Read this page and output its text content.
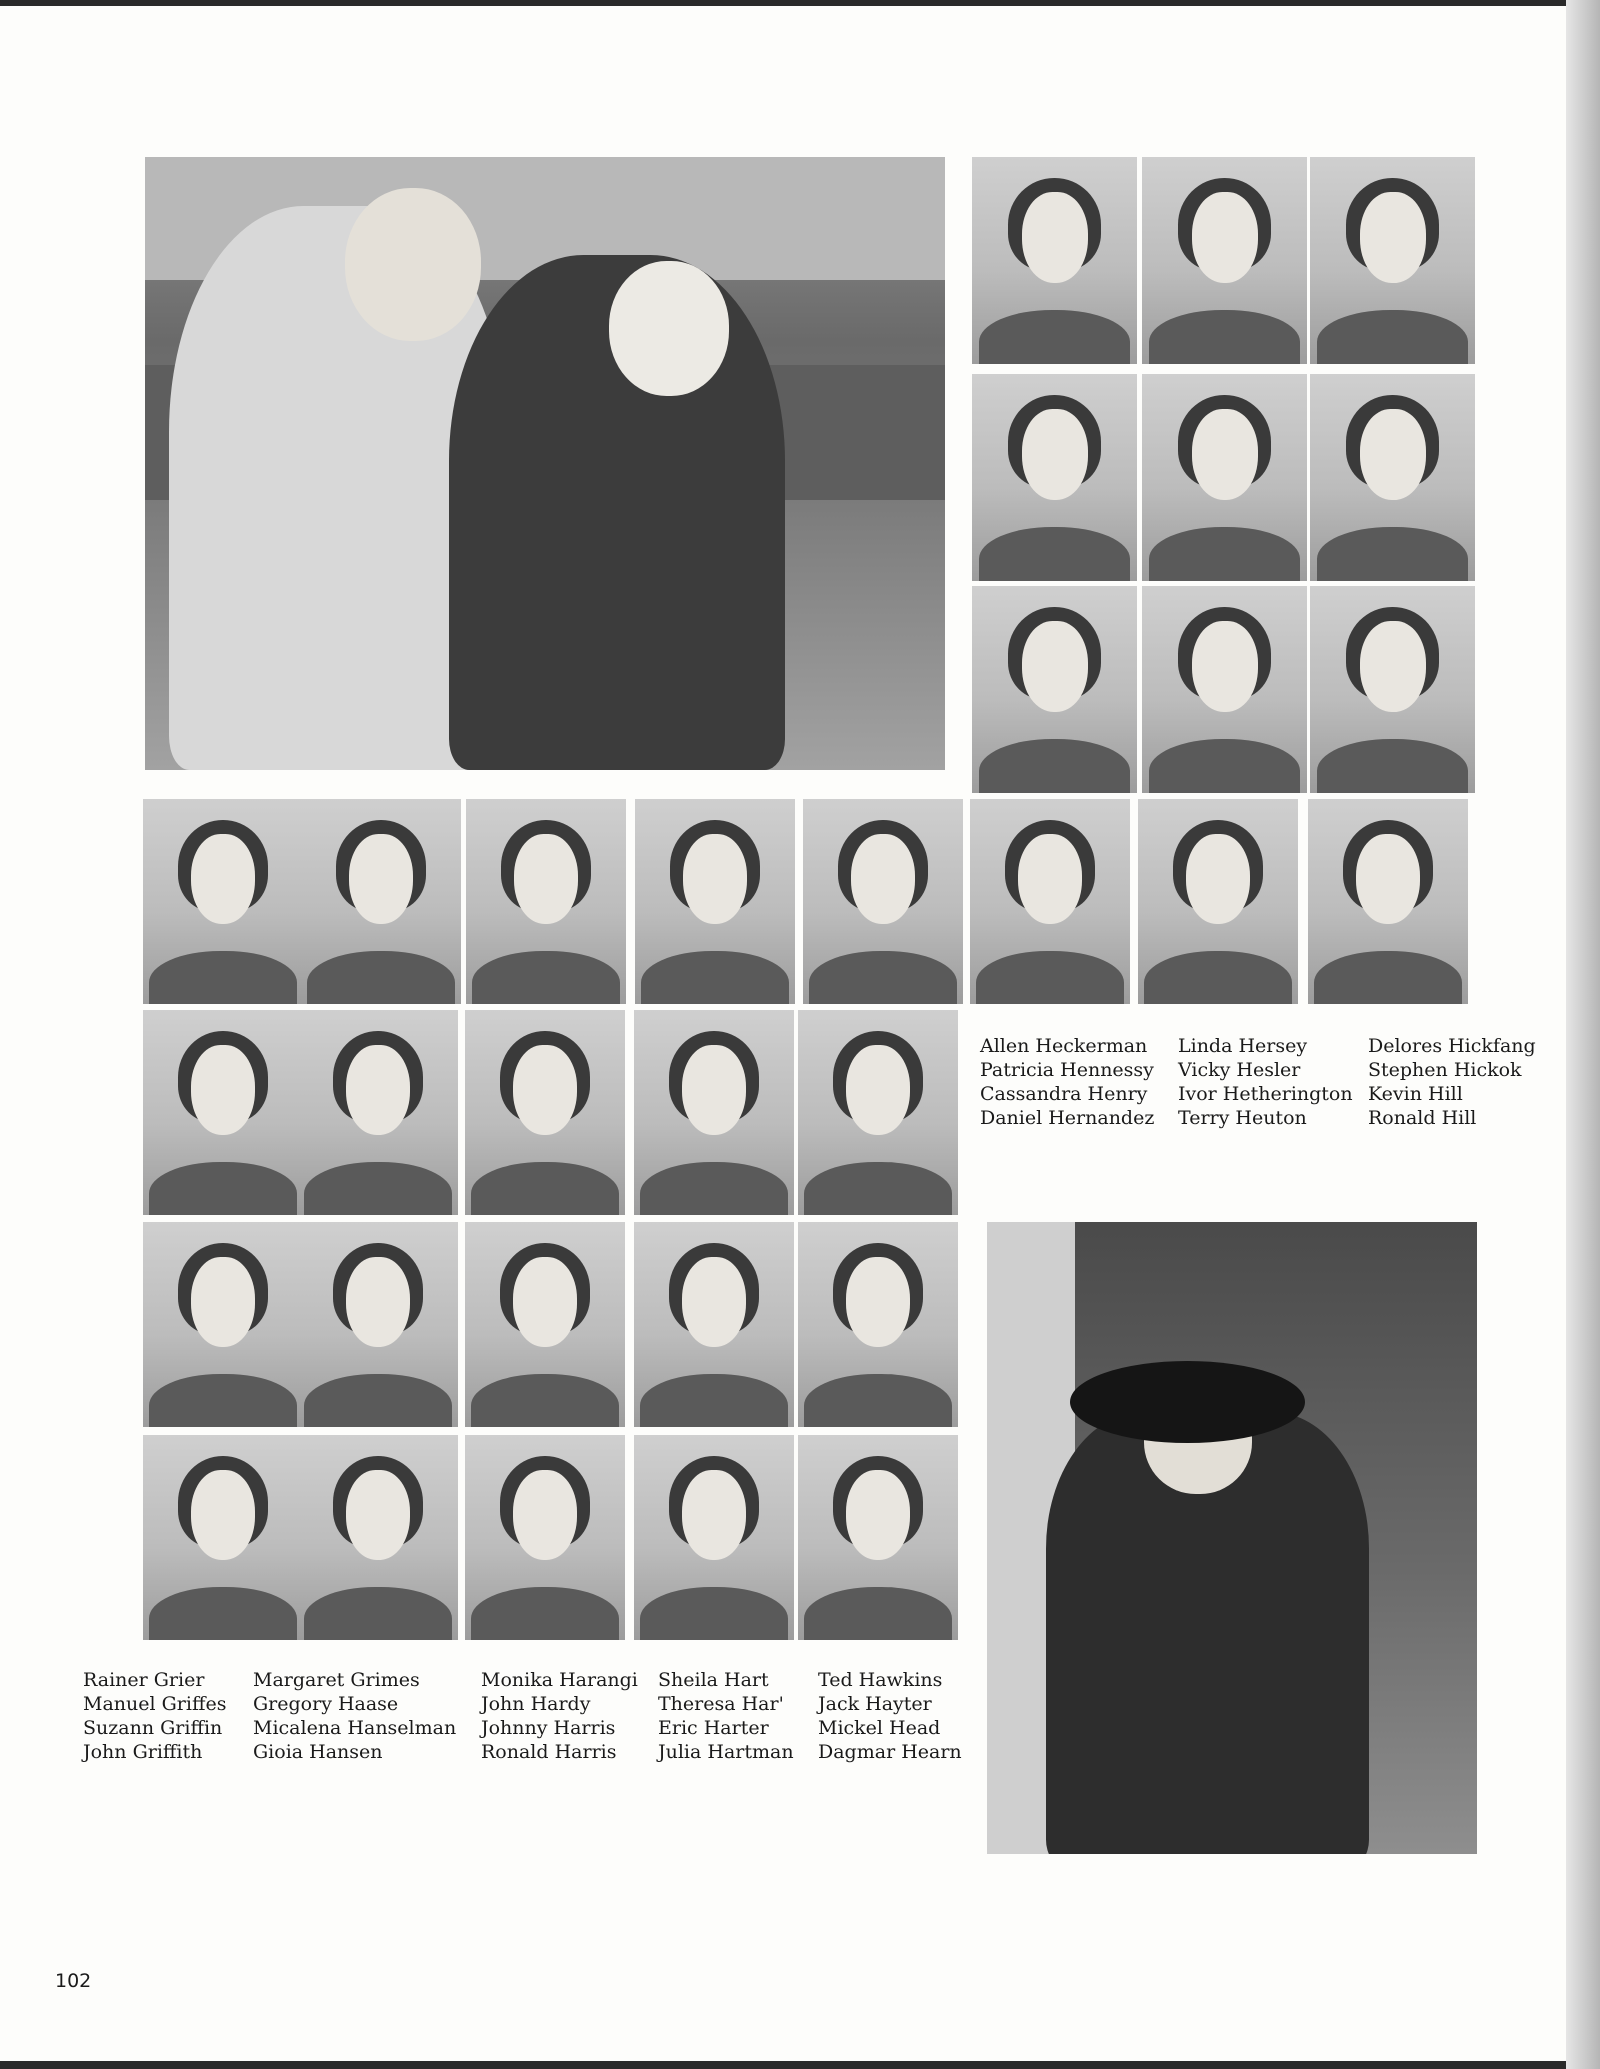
Allen Heckerman
Patricia Hennessy
Cassandra Henry
Daniel Hernandez
Linda Hersey
Vicky Hesler
Ivor Hetherington
Terry Heuton
Delores Hickfang
Stephen Hickok
Kevin Hill
Ronald Hill
Rainer Grier
Manuel Griffes
Suzann Griffin
John Griffith
Margaret Grimes
Gregory Haase
Micalena Hanselman
Gioia Hansen
Monika Harangi
John Hardy
Johnny Harris
Ronald Harris
Sheila Hart
Theresa Har'
Eric Harter
Julia Hartman
Ted Hawkins
Jack Hayter
Mickel Head
Dagmar Hearn
102
